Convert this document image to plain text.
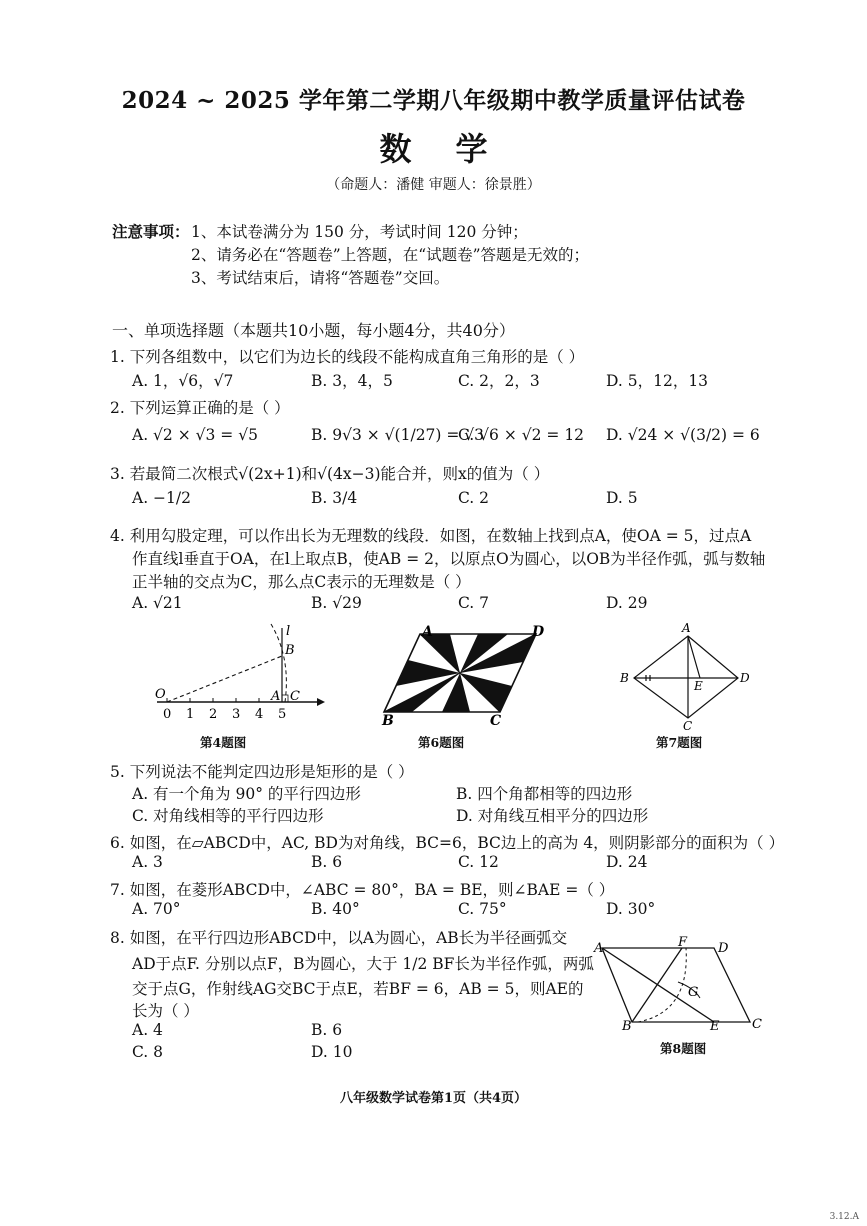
2024 ~ 2025 学年第二学期八年级期中教学质量评估试卷
数学
（命题人：潘健 审题人：徐景胜）
注意事项： 1、本试卷满分为 150 分，考试时间 120 分钟；
2、请务必在“答题卷”上答题，在“试题卷”答题是无效的；
3、考试结束后，请将“答题卷”交回。
一、单项选择题（本题共10小题，每小题4分，共40分）
1. 下列各组数中，以它们为边长的线段不能构成直角三角形的是（ ）
A. 1，√6，√7	B. 3，4，5	C. 2，2，3	D. 5，12，13
2. 下列运算正确的是（ ）
A. √2 × √3 = √5	B. 9√3 × √(1/27) = √3
C. √6 × √2 = 12 D. √24 × √(3/2) = 6
3. 若最简二次根式√(2x+1)和√(4x−3)能合并，则x的值为（ ）
A. −1/2	B. 3/4	C. 2	D. 5
4. 利用勾股定理，可以作出长为无理数的线段．如图，在数轴上找到点A，使OA = 5，过点A
作直线l垂直于OA，在l上取点B，使AB = 2，以原点O为圆心，以OB为半径作弧，弧与数轴
正半轴的交点为C，那么点C表示的无理数是（ ）
A. √21	B. √29	C. 7	D. 29
l
B
O	A C
0 1 2 3 4 5
第4题图
A	D
B	C
第6题图
A
B	D
E
C
第7题图
5. 下列说法不能判定四边形是矩形的是（ ）
A. 有一个角为 90° 的平行四边形	B. 四个角都相等的四边形
C. 对角线相等的平行四边形	D. 对角线互相平分的四边形
6. 如图，在▱ABCD中，AC, BD为对角线，BC=6，BC边上的高为 4，则阴影部分的面积为（ ）
A. 3	B. 6	C. 12	D. 24
7. 如图，在菱形ABCD中，∠ABC = 80°，BA = BE，则∠BAE =（ ）
A. 70°	B. 40°	C. 75°	D. 30°
8. 如图，在平行四边形ABCD中，以A为圆心，AB长为半径画弧交
AD于点F. 分别以点F，B为圆心，大于 1/2 BF长为半径作弧，两弧
交于点G，作射线AG交BC于点E，若BF = 6，AB = 5，则AE的
长为（ ）
A. 4	B. 6
C. 8	D. 10
A	F D
G
B	E	C
第8题图
八年级数学试卷第1页（共4页）
3.12.A
